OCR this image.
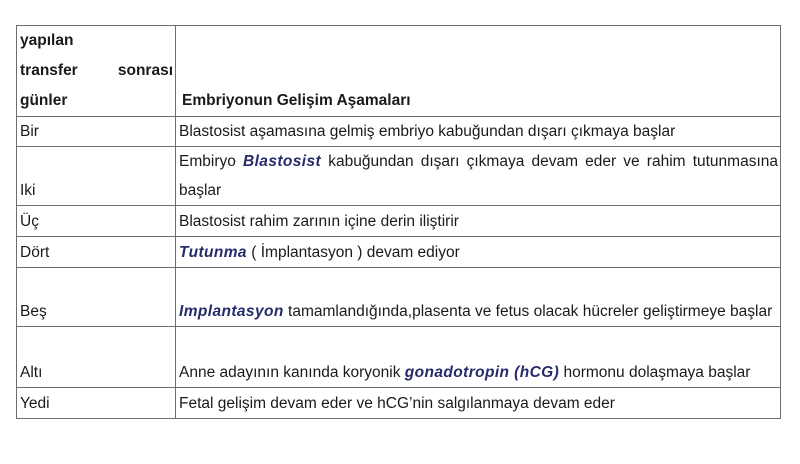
yapılan
transfer sonrası
günler	Embriyonun Gelişim Aşamaları
Bir	Blastosist aşamasına gelmiş embriyo kabuğundan dışarı çıkmaya başlar
Iki	Embiryo Blastosist kabuğundan dışarı çıkmaya devam eder ve rahim tutunmasına başlar
Üç	Blastosist rahim zarının içine derin iliştirir
Dört	Tutunma ( İmplantasyon ) devam ediyor
Beş	Implantasyon tamamlandığında,plasenta ve fetus olacak hücreler geliştirmeye başlar
Altı	Anne adayının kanında koryonik gonadotropin (hCG) hormonu dolaşmaya başlar
Yedi	Fetal gelişim devam eder ve hCG’nin salgılanmaya devam eder
